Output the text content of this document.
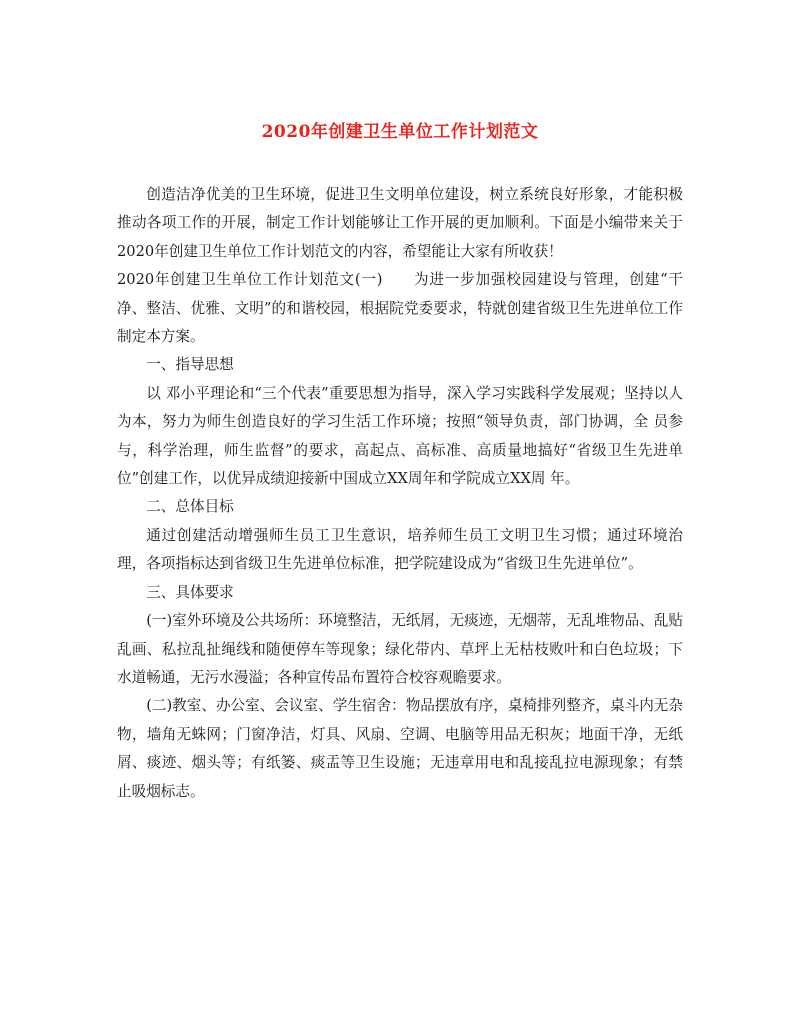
2020年创建卫生单位工作计划范文

创造洁净优美的卫生环境，促进卫生文明单位建设，树立系统良好形象，才能积极推动各项工作的开展，制定工作计划能够让工作开展的更加顺利。下面是小编带来关于2020年创建卫生单位工作计划范文的内容，希望能让大家有所收获！

2020年创建卫生单位工作计划范文(一)　　为进一步加强校园建设与管理，创建“干净、整洁、优雅、文明”的和谐校园，根据院党委要求，特就创建省级卫生先进单位工作制定本方案。

一、指导思想

以 邓小平理论和“三个代表”重要思想为指导，深入学习实践科学发展观；坚持以人为本，努力为师生创造良好的学习生活工作环境；按照“领导负责，部门协调，全 员参与，科学治理，师生监督”的要求，高起点、高标准、高质量地搞好“省级卫生先进单位”创建工作，以优异成绩迎接新中国成立XX周年和学院成立XX周 年。

二、总体目标

通过创建活动增强师生员工卫生意识，培养师生员工文明卫生习惯；通过环境治理，各项指标达到省级卫生先进单位标准，把学院建设成为“省级卫生先进单位”。

三、具体要求

(一)室外环境及公共场所：环境整洁，无纸屑，无痰迹，无烟蒂，无乱堆物品、乱贴乱画、私拉乱扯绳线和随便停车等现象；绿化带内、草坪上无枯枝败叶和白色垃圾；下水道畅通，无污水漫溢；各种宣传品布置符合校容观瞻要求。

(二)教室、办公室、会议室、学生宿舍：物品摆放有序，桌椅排列整齐，桌斗内无杂物，墙角无蛛网；门窗净洁，灯具、风扇、空调、电脑等用品无积灰；地面干净，无纸屑、痰迹、烟头等；有纸篓、痰盂等卫生设施；无违章用电和乱接乱拉电源现象；有禁止吸烟标志。
